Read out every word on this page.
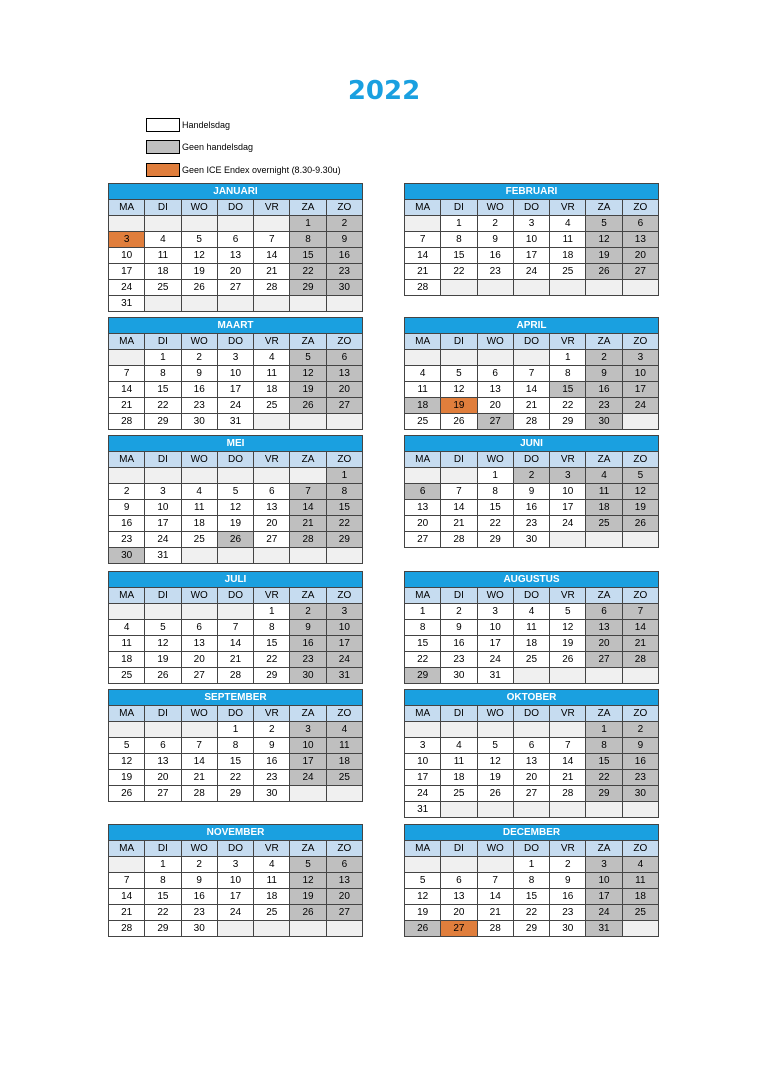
2022
Handelsdag
Geen handelsdag
Geen ICE Endex overnight (8.30-9.30u)
JANUARI						
MA	DI	WO	DO	VR	ZA	ZO
					1	2
3	4	5	6	7	8	9
10	11	12	13	14	15	16
17	18	19	20	21	22	23
24	25	26	27	28	29	30
31						
FEBRUARI						
MA	DI	WO	DO	VR	ZA	ZO
	1	2	3	4	5	6
7	8	9	10	11	12	13
14	15	16	17	18	19	20
21	22	23	24	25	26	27
28						
MAART						
MA	DI	WO	DO	VR	ZA	ZO
	1	2	3	4	5	6
7	8	9	10	11	12	13
14	15	16	17	18	19	20
21	22	23	24	25	26	27
28	29	30	31			
APRIL						
MA	DI	WO	DO	VR	ZA	ZO
				1	2	3
4	5	6	7	8	9	10
11	12	13	14	15	16	17
18	19	20	21	22	23	24
25	26	27	28	29	30	
MEI						
MA	DI	WO	DO	VR	ZA	ZO
						1
2	3	4	5	6	7	8
9	10	11	12	13	14	15
16	17	18	19	20	21	22
23	24	25	26	27	28	29
30	31					
JUNI						
MA	DI	WO	DO	VR	ZA	ZO
		1	2	3	4	5
6	7	8	9	10	11	12
13	14	15	16	17	18	19
20	21	22	23	24	25	26
27	28	29	30			
JULI						
MA	DI	WO	DO	VR	ZA	ZO
				1	2	3
4	5	6	7	8	9	10
11	12	13	14	15	16	17
18	19	20	21	22	23	24
25	26	27	28	29	30	31
AUGUSTUS						
MA	DI	WO	DO	VR	ZA	ZO
1	2	3	4	5	6	7
8	9	10	11	12	13	14
15	16	17	18	19	20	21
22	23	24	25	26	27	28
29	30	31				
SEPTEMBER						
MA	DI	WO	DO	VR	ZA	ZO
			1	2	3	4
5	6	7	8	9	10	11
12	13	14	15	16	17	18
19	20	21	22	23	24	25
26	27	28	29	30		
OKTOBER						
MA	DI	WO	DO	VR	ZA	ZO
					1	2
3	4	5	6	7	8	9
10	11	12	13	14	15	16
17	18	19	20	21	22	23
24	25	26	27	28	29	30
31						
NOVEMBER						
MA	DI	WO	DO	VR	ZA	ZO
	1	2	3	4	5	6
7	8	9	10	11	12	13
14	15	16	17	18	19	20
21	22	23	24	25	26	27
28	29	30				
DECEMBER						
MA	DI	WO	DO	VR	ZA	ZO
			1	2	3	4
5	6	7	8	9	10	11
12	13	14	15	16	17	18
19	20	21	22	23	24	25
26	27	28	29	30	31	
